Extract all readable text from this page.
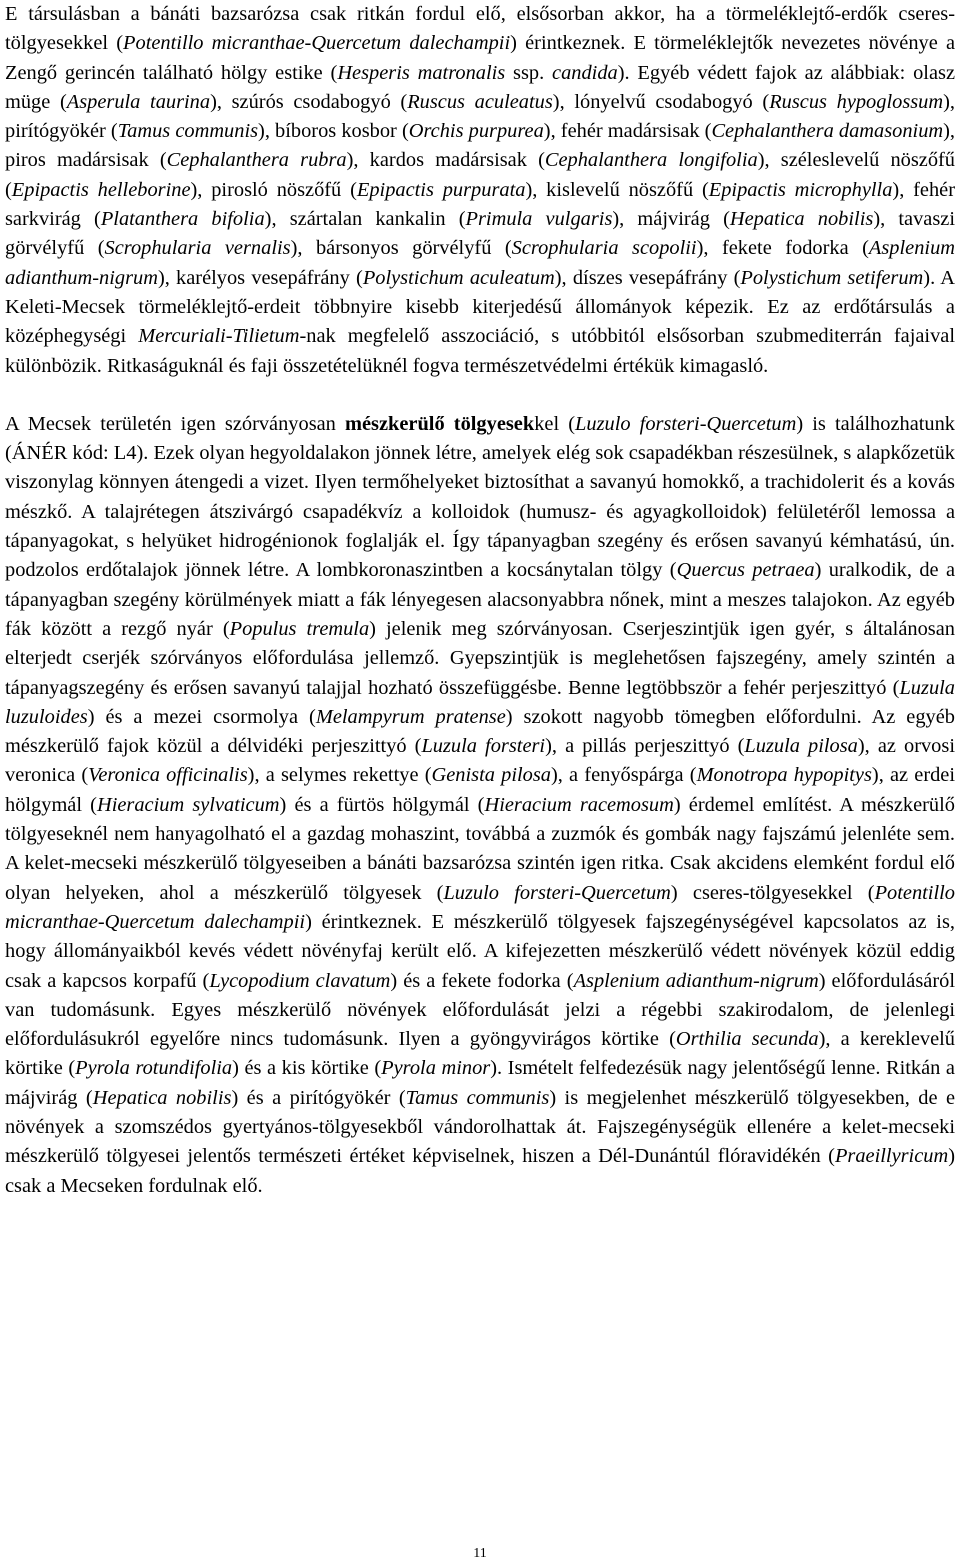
E társulásban a bánáti bazsarózsa csak ritkán fordul elő, elsősorban akkor, ha a törmeléklejtő-erdők cseres-tölgyesekkel (Potentillo micranthae-Quercetum dalechampii) érintkeznek. E törmeléklejtők nevezetes növénye a Zengő gerincén található hölgy estike (Hesperis matronalis ssp. candida). Egyéb védett fajok az alábbiak: olasz müge (Asperula taurina), szúrós csodabogyó (Ruscus aculeatus), lónyelvű csodabogyó (Ruscus hypoglossum), pirítógyökér (Tamus communis), bíboros kosbor (Orchis purpurea), fehér madársisak (Cephalanthera damasonium), piros madársisak (Cephalanthera rubra), kardos madársisak (Cephalanthera longifolia), széleslevelű nöszőfű (Epipactis helleborine), pirosló nöszőfű (Epipactis purpurata), kislevelű nöszőfű (Epipactis microphylla), fehér sarkvirág (Platanthera bifolia), szártalan kankalin (Primula vulgaris), májvirág (Hepatica nobilis), tavaszi görvélyfű (Scrophularia vernalis), bársonyos görvélyfű (Scrophularia scopolii), fekete fodorka (Asplenium adianthum-nigrum), karélyos vesepáfrány (Polystichum aculeatum), díszes vesepáfrány (Polystichum setiferum). A Keleti-Mecsek törmeléklejtő-erdeit többnyire kisebb kiterjedésű állományok képezik. Ez az erdőtársulás a középhegységi Mercuriali-Tilietum-nak megfelelő asszociáció, s utóbbitól elsősorban szubmediterrán fajaival különbözik. Ritkaságuknál és faji összetételüknél fogva természetvédelmi értékük kimagasló.

A Mecsek területén igen szórványosan mészkerülő tölgyesekkel (Luzulo forsteri-Quercetum) is találhozhatunk (ÁNÉR kód: L4). Ezek olyan hegyoldalakon jönnek létre, amelyek elég sok csapadékban részesülnek, s alapkőzetük viszonylag könnyen átengedi a vizet. Ilyen termőhelyeket biztosíthat a savanyú homokkő, a trachidolerit és a kovás mészkő. A talajrétegen átszivárgó csapadékvíz a kolloidok (humusz- és agyagkolloidok) felületéről lemossa a tápanyagokat, s helyüket hidrogénionok foglalják el. Így tápanyagban szegény és erősen savanyú kémhatású, ún. podzolos erdőtalajok jönnek létre. A lombkoronaszintben a kocsánytalan tölgy (Quercus petraea) uralkodik, de a tápanyagban szegény körülmények miatt a fák lényegesen alacsonyabbra nőnek, mint a meszes talajokon. Az egyéb fák között a rezgő nyár (Populus tremula) jelenik meg szórványosan. Cserjeszintjük igen gyér, s általánosan elterjedt cserjék szórványos előfordulása jellemző. Gyepszintjük is meglehetősen fajszegény, amely szintén a tápanyagszegény és erősen savanyú talajjal hozható összefüggésbe. Benne legtöbbször a fehér perjeszittyó (Luzula luzuloides) és a mezei csormolya (Melampyrum pratense) szokott nagyobb tömegben előfordulni. Az egyéb mészkerülő fajok közül a délvidéki perjeszittyó (Luzula forsteri), a pillás perjeszittyó (Luzula pilosa), az orvosi veronica (Veronica officinalis), a selymes rekettye (Genista pilosa), a fenyőspárga (Monotropa hypopitys), az erdei hölgymál (Hieracium sylvaticum) és a fürtös hölgymál (Hieracium racemosum) érdemel említést. A mészkerülő tölgyeseknél nem hanyagolható el a gazdag mohaszint, továbbá a zuzmók és gombák nagy fajszámú jelenléte sem. A kelet-mecseki mészkerülő tölgyeseiben a bánáti bazsarózsa szintén igen ritka. Csak akcidens elemként fordul elő olyan helyeken, ahol a mészkerülő tölgyesek (Luzulo forsteri-Quercetum) cseres-tölgyesekkel (Potentillo micranthae-Quercetum dalechampii) érintkeznek. E mészkerülő tölgyesek fajszegénységével kapcsolatos az is, hogy állományaikból kevés védett növényfaj került elő. A kifejezetten mészkerülő védett növények közül eddig csak a kapcsos korpafű (Lycopodium clavatum) és a fekete fodorka (Asplenium adianthum-nigrum) előfordulásáról van tudomásunk. Egyes mészkerülő növények előfordulását jelzi a régebbi szakirodalom, de jelenlegi előfordulásukról egyelőre nincs tudomásunk. Ilyen a gyöngyvirágos körtike (Orthilia secunda), a kereklevelű körtike (Pyrola rotundifolia) és a kis körtike (Pyrola minor). Ismételt felfedezésük nagy jelentőségű lenne. Ritkán a májvirág (Hepatica nobilis) és a pirítógyökér (Tamus communis) is megjelenhet mészkerülő tölgyesekben, de e növények a szomszédos gyertyános-tölgyesekből vándorolhattak át. Fajszegénységük ellenére a kelet-mecseki mészkerülő tölgyesei jelentős természeti értéket képviselnek, hiszen a Dél-Dunántúl flóravidékén (Praeillyricum) csak a Mecseken fordulnak elő.

11
